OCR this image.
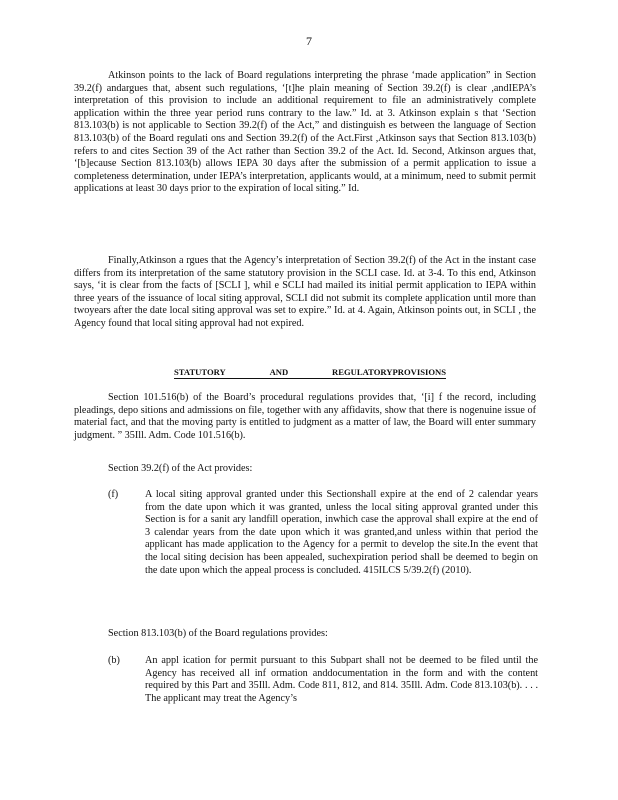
7

Atkinson points to the lack of Board regulations interpreting the phrase ‘made application” in Section 39.2(f) andargues that, absent such regulations, ‘[t]he plain meaning of Section 39.2(f) is clear ,andIEPA’s interpretation of this provision to include an additional requirement to file an administratively complete application within the three year period runs contrary to the law.” Id. at 3. Atkinson explain s that ‘Section 813.103(b) is not applicable to Section 39.2(f) of the Act,” and distinguish es between the language of Section 813.103(b) of the Board regulati ons and Section 39.2(f) of the Act.First ,Atkinson says that Section 813.103(b) refers to and cites Section 39 of the Act rather than Section 39.2 of the Act. Id. Second, Atkinson argues that, ‘[b]ecause Section 813.103(b) allows IEPA 30 days after the submission of a permit application to issue a completeness determination, under IEPA’s interpretation, applicants would, at a minimum, need to submit permit applications at least 30 days prior to the expiration of local siting.” Id.

Finally,Atkinson a rgues that the Agency’s interpretation of Section 39.2(f) of the Act in the instant case differs from its interpretation of the same statutory provision in the SCLI case. Id. at 3-4. To this end, Atkinson says, ‘it is clear from the facts of [SCLI ], whil e SCLI had mailed its initial permit application to IEPA within three years of the issuance of local siting approval, SCLI did not submit its complete application until more than twoyears after the date local siting approval was set to expire.” Id. at 4. Again, Atkinson points out, in SCLI , the Agency found that local siting approval had not expired.

STATUTORY	AND	REGULATORYPROVISIONS

Section 101.516(b) of the Board’s procedural regulations provides that, ‘[i] f the record, including pleadings, depo sitions and admissions on file, together with any affidavits, show that there is nogenuine issue of material fact, and that the moving party is entitled to judgment as a matter of law, the Board will enter summary judgment. ” 35Ill. Adm. Code 101.516(b).

Section 39.2(f) of the Act provides:

(f)	A local siting approval granted under this Sectionshall expire at the end of 2 calendar years from the date upon which it was granted, unless the local siting approval granted under this Section is for a sanit ary landfill operation, inwhich case the approval shall expire at the end of 3 calendar years from the date upon which it was granted,and unless within that period the applicant has made application to the Agency for a permit to develop the site.In the event that the local siting decision has been appealed, suchexpiration period shall be deemed to begin on the date upon which the appeal process is concluded. 415ILCS 5/39.2(f) (2010).

Section 813.103(b) of the Board regulations provides:

(b)	An appl ication for permit pursuant to this Subpart shall not be deemed to be filed until the Agency has received all inf ormation anddocumentation in the form and with the content required by this Part and 35Ill. Adm. Code 811, 812, and 814. 35Ill. Adm. Code 813.103(b). . . . The applicant may treat the Agency’s
